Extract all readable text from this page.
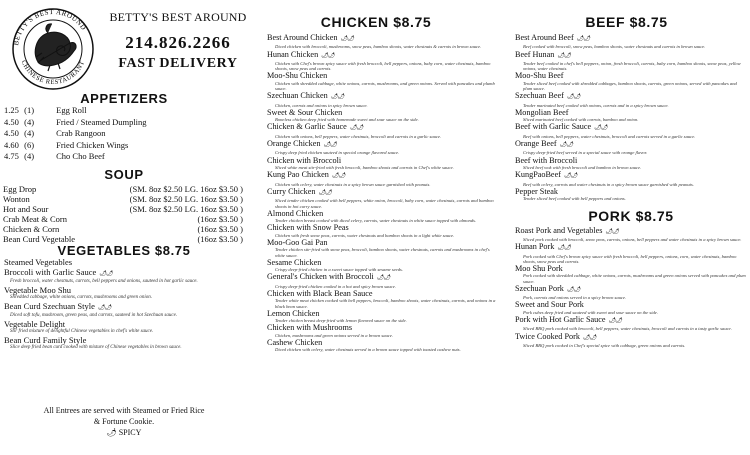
BETTY'S BEST AROUND
CHINESE RESTAURANT
BETTY'S BEST AROUND
214.826.2266
FAST DELIVERY
APPETIZERS
1.25 (1)	Egg Roll
4.50 (4)	Fried / Steamed Dumpling
4.50 (4)	Crab Rangoon
4.60 (6)	Fried Chicken Wings
4.75 (4)	Cho Cho Beef
SOUP
Egg Drop	(SM. 8oz $2.50 LG. 16oz $3.50 )
Wonton	(SM. 8oz $2.50 LG. 16oz $3.50 )
Hot and Sour	(SM. 8oz $2.50 LG. 16oz $3.50 )
Crab Meat & Corn	(16oz $3.50 )
Chicken & Corn	(16oz $3.50 )
Bean Curd Vegetable	(16oz $3.50 )
VEGETABLES $8.75
Steamed Vegetables
Broccoli with Garlic Sauce 🌶🌶
Fresh broccoli, water chestnuts, carrots, bell peppers and onions, sauteed in hot garlic sauce.
Vegetable Moo Shu
Shredded cabbage, white onions, carrots, mushrooms and green onion.
Bean Curd Szechuan Style 🌶🌶
Diced soft tofu, mushroom, green peas, and carrots, sauteed in hot Szechuan sauce.
Vegetable Delight
Stir fried mixture of delightful Chinese vegetables in chef's white sauce.
Bean Curd Family Style
Slice deep fried bean curd cooked with mixture of Chinese vegetables in brown sauce.
All Entrees are served with Steamed or Fried Rice
& Fortune Cookie.
🌶 SPICY
CHICKEN $8.75
Best Around Chicken 🌶🌶
Diced chicken with broccoli, mushrooms, snow peas, bamboo shoots, water chestnuts & carrots in brown sauce.
Hunan Chicken 🌶🌶
Chicken with Chef's brown spicy sauce with fresh broccoli, bell peppers, onions, baby corn, water chestnuts, bamboo shoots, snow peas and carrots.
Moo-Shu Chicken
Chicken with shredded cabbage, white onions, carrots, mushrooms, and green onions. Served with pancakes and plumb sauce.
Szechuan Chicken 🌶🌶
Chicken, carrots and onions in spicy brown sauce.
Sweet & Sour Chicken
Boneless chicken deep fried with homemade sweet and sour sauce on the side.
Chicken & Garlic Sauce 🌶🌶
Chicken with onions, bell peppers, water chestnuts, broccoli and carrots in a garlic sauce.
Orange Chicken 🌶🌶
Crispy deep fried chicken sauteed in special orange flavored sauce.
Chicken with Broccoli
Sliced white meat stir-fried with fresh broccoli, bamboo shoots and carrots in Chef's white sauce.
Kung Pao Chicken 🌶🌶
Chicken with celery, water chestnuts in a spicy brown sauce garnished with peanuts.
Curry Chicken 🌶🌶
Sliced tender chicken cooked with bell peppers, white onion, broccoli, baby corn, water chestnuts, carrots and bamboo shoots in hot curry sauce.
Almond Chicken
Tender chicken breast cooked with diced celery, carrots, water chestnuts in white sauce topped with almonds.
Chicken with Snow Peas
Chicken with fresh snow peas, carrots, water chestnuts and bamboo shoots in a light white sauce.
Moo-Goo Gai Pan
Tender chicken stir-fried with snow peas, broccoli, bamboo shoots, water chestnuts, carrots and mushrooms in chef's white sauce.
Sesame Chicken
Crispy deep-fried chicken in a sweet sauce topped with sesame seeds.
General's Chicken with Broccoli 🌶🌶
Crispy deep-fried chicken cooked in a hot and spicy brown sauce.
Chicken with Black Bean Sauce
Tender white meat chicken cooked with bell peppers, broccoli, bamboo shoots, water chestnuts, carrots, and onions in a black bean sauce.
Lemon Chicken
Tender chicken breast deep-fried with lemon flavored sauce on the side.
Chicken with Mushrooms
Chicken, mushrooms and green onions served in a brown sauce.
Cashew Chicken
Diced chicken with celery, water chestnuts served in a brown sauce topped with toasted cashew nuts.
BEEF $8.75
Best Around Beef 🌶🌶
Beef cooked with broccoli, snow peas, bamboo shoots, water chestnuts and carrots in brown sauce.
Beef Hunan 🌶🌶
Tender beef cooked in chef's bell peppers, onion, fresh broccoli, carrots, baby corn, bamboo shoots, snow peas, yellow onions, water chestnuts.
Moo-Shu Beef
Tender sliced beef cooked with shredded cabbages, bamboo shoots, carrots, green onions, served with pancakes and plum sauce.
Szechuan Beef 🌶🌶
Tender marinated beef cooked with onions, carrots and in a spicy brown sauce.
Mongolian Beef
Sliced marinated beef cooked with carrots, bamboo and onion.
Beef with Garlic Sauce 🌶🌶
Beef with onions, bell peppers, water chestnuts, broccoli and carrots served in a garlic sauce.
Orange Beef 🌶🌶
Crispy deep-fried beef served in a special sauce with orange flavor.
Beef with Broccoli
Sliced beef wok with fresh broccoli and bamboo in brown sauce.
KungPaoBeef 🌶🌶
Beef with celery, carrots and water chestnuts in a spicy brown sauce garnished with peanuts.
Pepper Steak
Tender sliced beef cooked with bell peppers and onions.
PORK $8.75
Roast Pork and Vegetables 🌶🌶
Sliced pork cooked with broccoli, snow peas, carrots, onions, bell peppers and water chestnuts in a spicy brown sauce.
Hunan Pork 🌶🌶
Pork cooked with Chef's brown spicy sauce with fresh broccoli, bell peppers, onions, corn, water chestnuts, bamboo shoots, snow peas and carrots.
Moo Shu Pork
Pork cooked with shredded cabbage, white onions, carrots, mushrooms and green onions served with pancakes and plum sauce.
Szechuan Pork 🌶🌶
Pork, carrots and onions served in a spicy brown sauce.
Sweet and Sour Pork
Pork cubes deep fried and sauteed with sweet and sour sauce on the side.
Pork with Hot Garlic Sauce 🌶🌶
Sliced BBQ pork cooked with broccoli, bell peppers, water chestnuts, broccoli and carrots in a tasty garlic sauce.
Twice Cooked Pork 🌶🌶
Sliced BBQ pork cooked in Chef's special spice with cabbage, green onions and carrots.
